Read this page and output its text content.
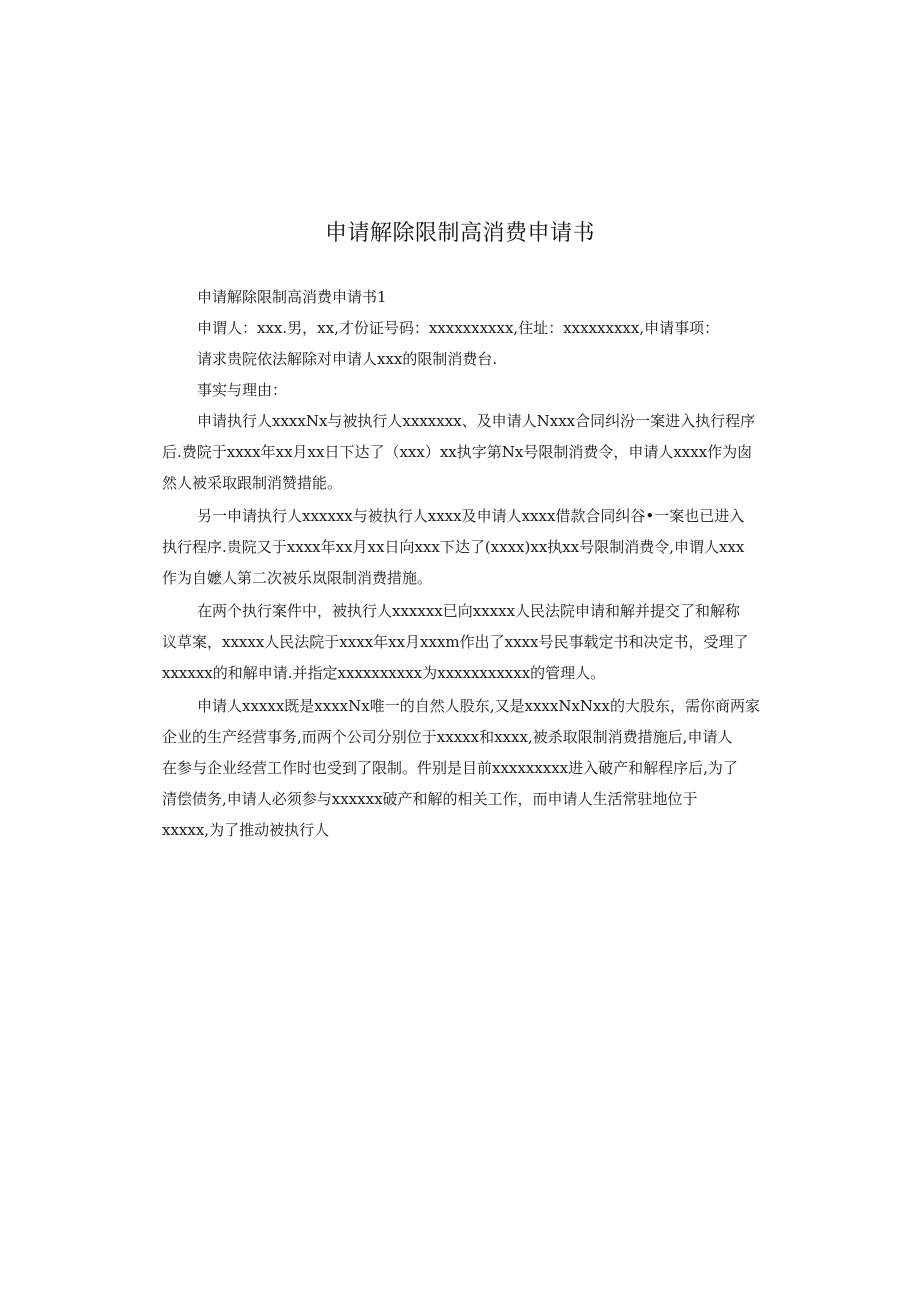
申请解除限制高消费申请书

申请解除限制高消费申请书1

申谓人：xxx.男，xx,才份证号码：xxxxxxxxxx,住址：xxxxxxxxx,申请事项：

请求贵院依法解除对申请人xxx的限制消费台.

事实与理由：

申请执行人xxxxNx与被执行人xxxxxxx、及申请人Nxxx合同纠汾一案进入执行程序

后.费院于xxxx年xx月xx日下达了（xxx）xx执字第Nx号限制消费令，申请人xxxx作为囱

然人被采取跟制消赞措能。

另一申请执行人xxxxxx与被执行人xxxx及申请人xxxx借款合同纠谷•一案也已进入

执行程序.贵院又于xxxx年xx月xx日向xxx下达了(xxxx)xx执xx号限制消费令,申谓人xxx

作为自嬷人第二次被乐岚限制消费措施。

在两个执行案件中，被执行人xxxxxx已向xxxxx人民法院申请和解并提交了和解称

议草案，xxxxx人民法院于xxxx年xx月xxxm作出了xxxx号民事载定书和决定书，受理了

xxxxxx的和解申请.并指定xxxxxxxxxx为xxxxxxxxxxx的管理人。

申请人xxxxx既是xxxxNx唯一的自然人股东,又是xxxxNxNxx的大股东，需你商两家

企业的生产经营事务,而两个公司分别位于xxxxx和xxxx,被杀取限制消费措施后,申请人

在参与企业经营工作时也受到了限制。件别是目前xxxxxxxxx进入破产和解程序后,为了

清偿债务,申请人必须参与xxxxxx破产和解的相关工作，而申请人生活常驻地位于

xxxxx,为了推动被执行人
